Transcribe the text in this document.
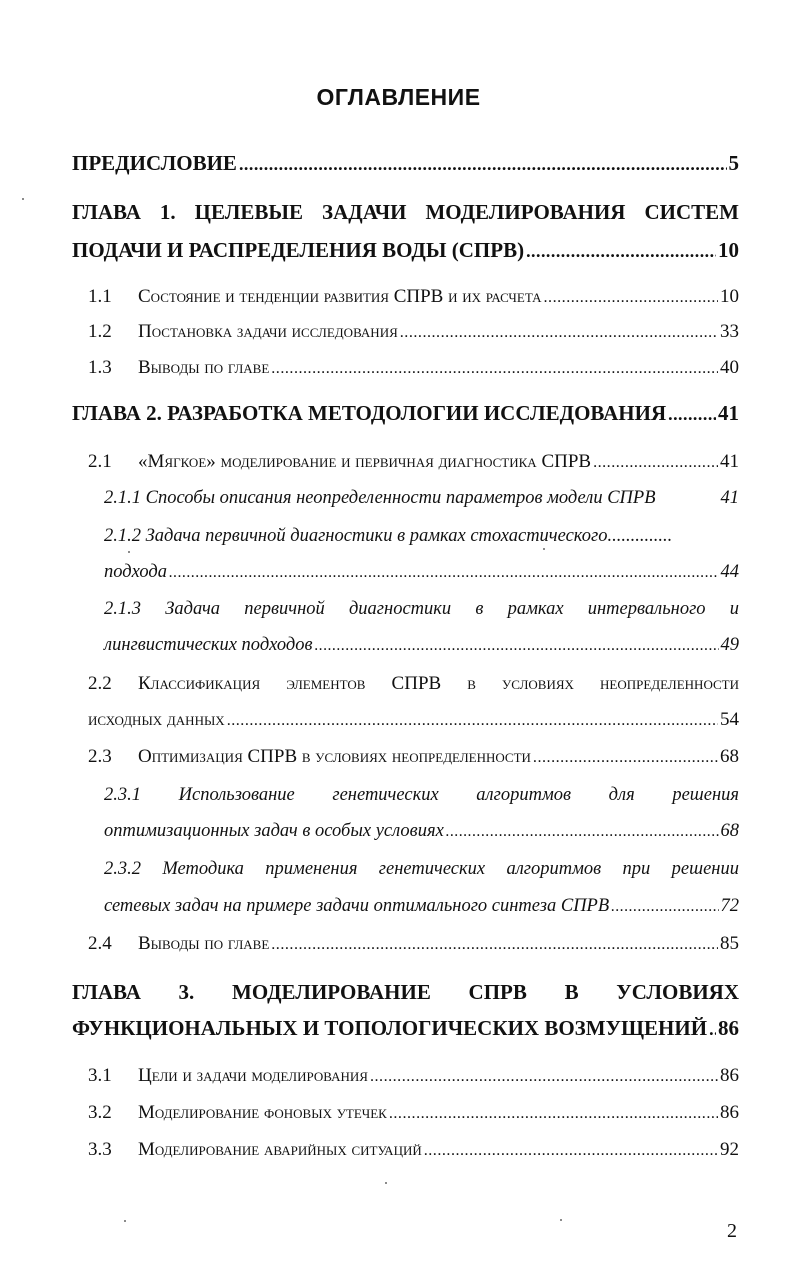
ОГЛАВЛЕНИЕ
ПРЕДИСЛОВИЕ .....	5
ГЛАВА 1. ЦЕЛЕВЫЕ ЗАДАЧИ МОДЕЛИРОВАНИЯ СИСТЕМ
ПОДАЧИ И РАСПРЕДЕЛЕНИЯ ВОДЫ (СПРВ) .....	10
1.1 Состояние и тенденции развития СПРВ и их расчета .....	10
1.2 Постановка задачи исследования .....	33
1.3 Выводы по главе .....	40
ГЛАВА 2. РАЗРАБОТКА МЕТОДОЛОГИИ ИССЛЕДОВАНИЯ ..... 41
2.1 «Мягкое» моделирование и первичная диагностика СПРВ .....	41
2.1.1 Способы описания неопределенности параметров модели СПРВ	41
2.1.2 Задача первичной диагностики в рамках стохастического..............
подхода .....	44
2.1.3 Задача первичной диагностики в рамках интервального и
лингвистических подходов .....	49
2.2	Классификация элементов СПРВ в условиях неопределенности
исходных данных .....	54
2.3 Оптимизация СПРВ в условиях неопределенности .....	68
2.3.1 Использование генетических алгоритмов для решения
оптимизационных задач в особых условиях .....	68
2.3.2 Методика применения генетических алгоритмов при решении
сетевых задач на примере задачи оптимального синтеза СПРВ .....	72
2.4 Выводы по главе .....	85
ГЛАВА 3. МОДЕЛИРОВАНИЕ СПРВ В УСЛОВИЯХ
ФУНКЦИОНАЛЬНЫХ И ТОПОЛОГИЧЕСКИХ ВОЗМУЩЕНИЙ ..... 86
3.1 Цели и задачи моделирования .....	86
3.2 Моделирование фоновых утечек .....	86
3.3 Моделирование аварийных ситуаций .....	92
2
